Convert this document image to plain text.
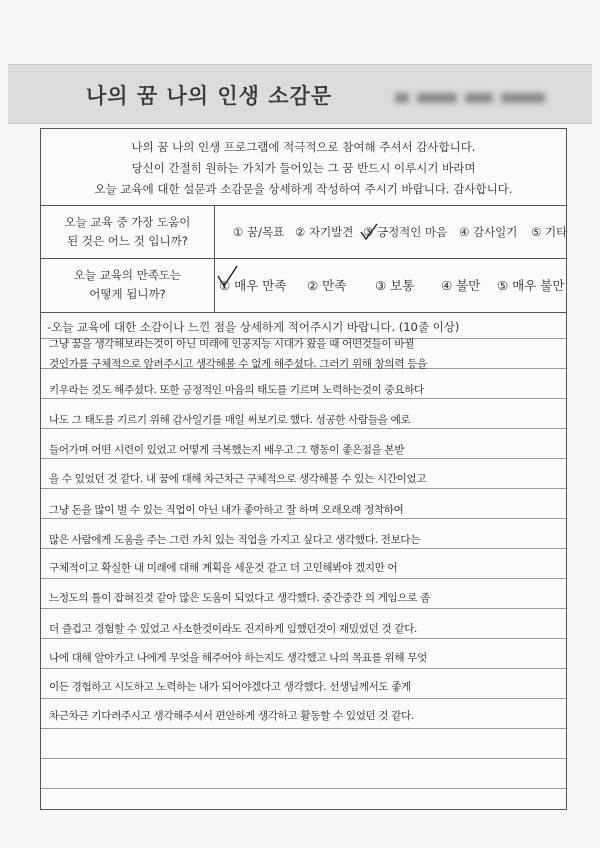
나의 꿈 나의 인생 소감문
나의 꿈 나의 인생 프로그램에 적극적으로 참여해 주셔서 감사합니다.
당신이 간절히 원하는 가치가 들어있는 그 꿈 반드시 이루시기 바라며
오늘 교육에 대한 설문과 소감문을 상세하게 작성하여 주시기 바랍니다. 감사합니다.
오늘 교육 중 가장 도움이
된 것은 어느 것 입니까?
① 꿈/목표 ② 자기발견 ③ 긍정적인 마음 ④ 감사일기 ⑤ 기타
오늘 교육의 만족도는
어떻게 됩니까?
① 매우 만족 ② 만족 ③ 보통 ④ 불만 ⑤ 매우 불만
-오늘 교육에 대한 소감이나 느낀 점을 상세하게 적어주시기 바랍니다. (10줄 이상)
그냥 꿈을 생각해보라는것이 아닌 미래에 인공지능 시대가 왔을 때 어떤것들이 바뀔
것인가를 구체적으로 알려주시고 생각해볼 수 없게 해주셨다. 그러기 위해 창의력 등을
키우라는 것도 해주셨다. 또한 긍정적인 마음의 태도를 기르며 노력하는것이 중요하다
나도 그 태도를 기르기 위해 감사일기를 매일 써보기로 했다. 성공한 사람들을 예로
들어가며 어떤 시련이 있었고 어떻게 극복했는지 배우고 그 행동이 좋은점을 본받
을 수 있었던 것 같다. 내 꿈에 대해 차근차근 구체적으로 생각해볼 수 있는 시간이었고
그냥 돈을 많이 벌 수 있는 직업이 아닌 내가 좋아하고 잘 하며 오래오래 정착하여
많은 사람에게 도움을 주는 그런 가치 있는 직업을 가지고 싶다고 생각했다. 전보다는
구체적이고 확실한 내 미래에 대해 계획을 세운것 같고 더 고민해봐야 겠지만 어
느정도의 틀이 잡혀진것 같아 많은 도움이 되었다고 생각했다. 중간중간 의 게임으로 좀
더 즐겁고 경험할 수 있었고 사소한것이라도 진지하게 임했던것이 재밌었던 것 같다.
나에 대해 알아가고 나에게 무엇을 해주어야 하는지도 생각했고 나의 목표를 위해 무엇
이든 경험하고 시도하고 노력하는 내가 되어야겠다고 생각했다. 선생님께서도 좋게
차근차근 기다려주시고 생각해주셔서 편안하게 생각하고 활동할 수 있었던 것 같다.
